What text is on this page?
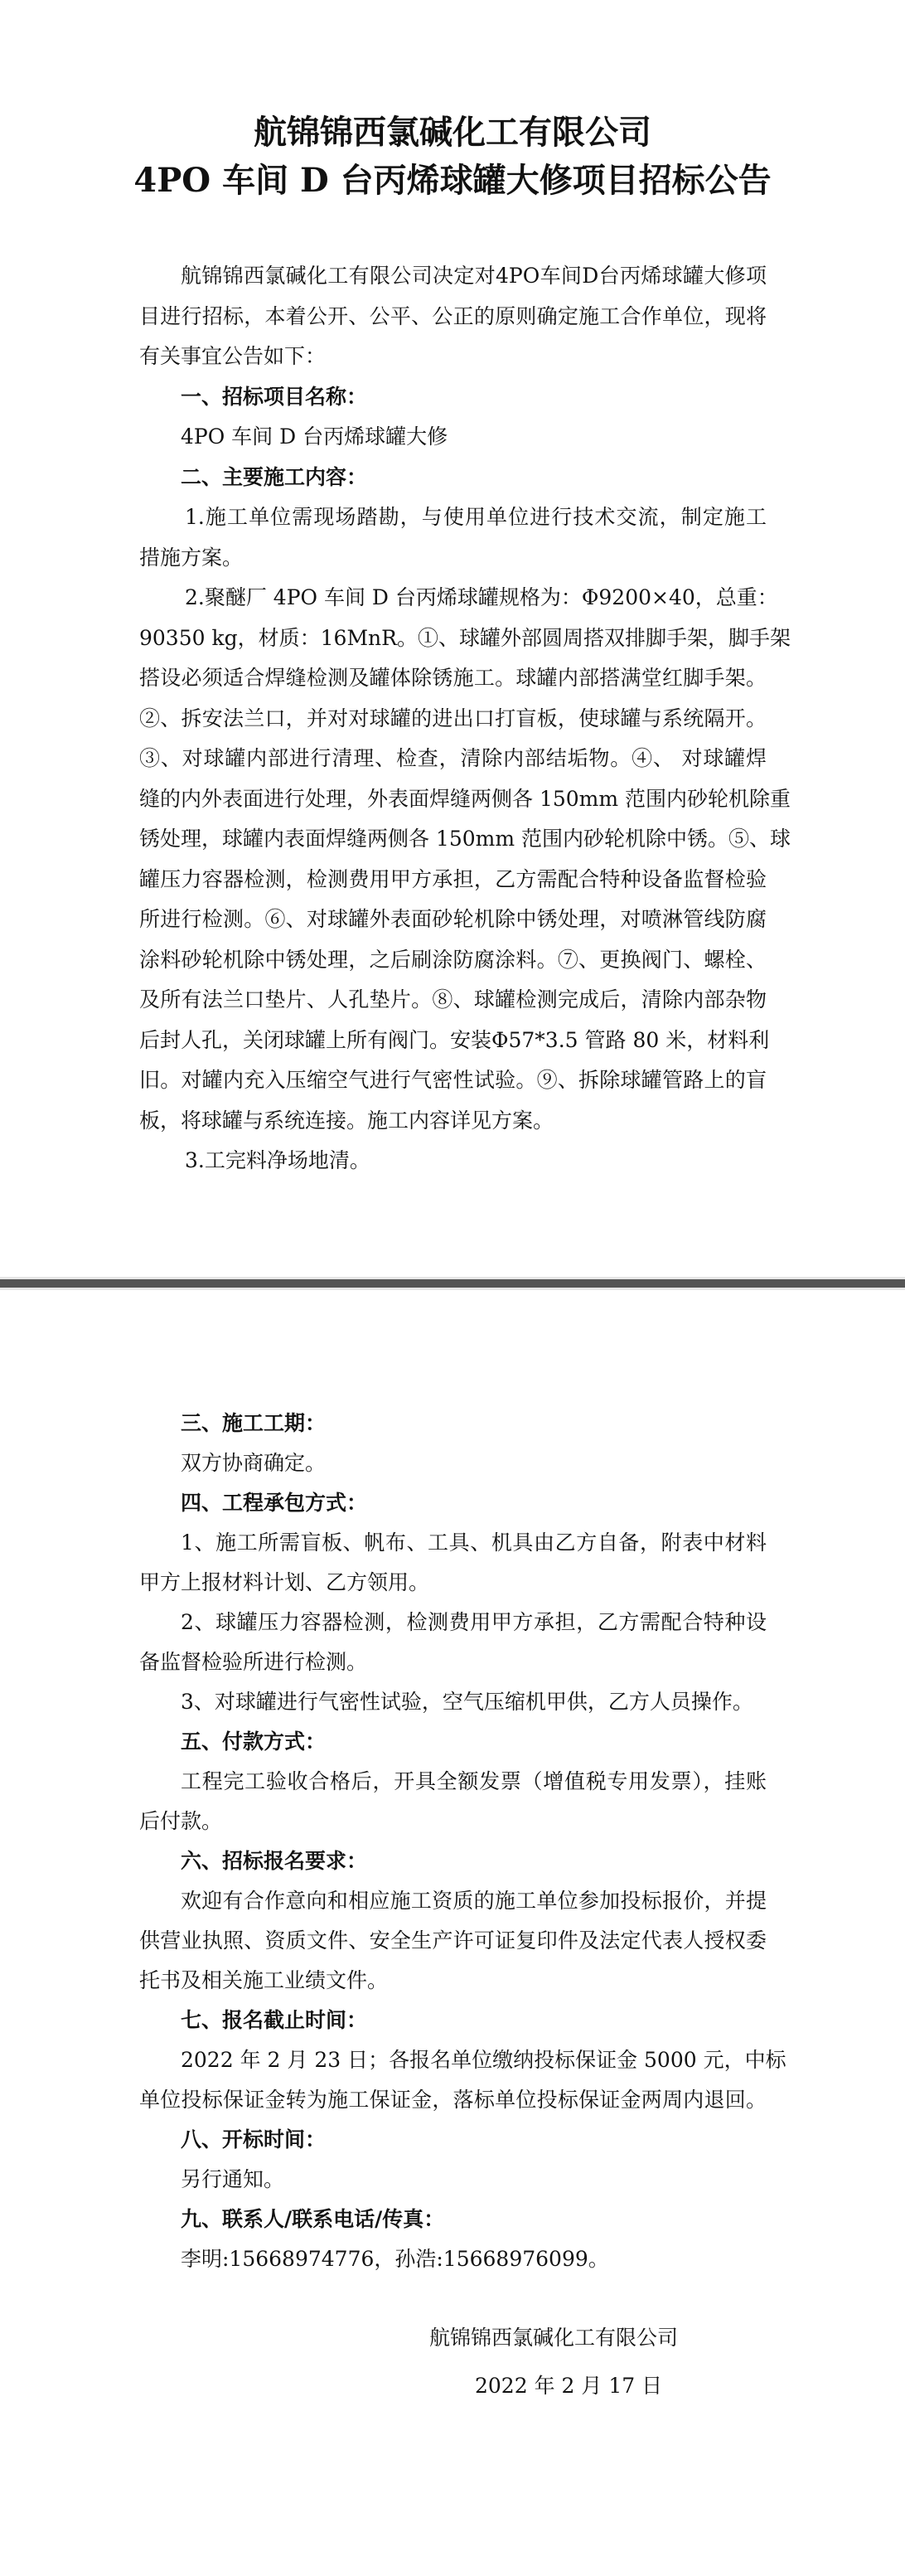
航锦锦西氯碱化工有限公司
4PO 车间 D 台丙烯球罐大修项目招标公告
航锦锦西氯碱化工有限公司决定对4PO车间D台丙烯球罐大修项
目进行招标，本着公开、公平、公正的原则确定施工合作单位，现将
有关事宜公告如下：
一、招标项目名称：
4PO 车间 D 台丙烯球罐大修
二、主要施工内容：
1.施工单位需现场踏勘，与使用单位进行技术交流，制定施工
措施方案。
2.聚醚厂 4PO 车间 D 台丙烯球罐规格为：Φ9200×40，总重：
90350 kg，材质：16MnR。①、球罐外部圆周搭双排脚手架，脚手架
搭设必须适合焊缝检测及罐体除锈施工。球罐内部搭满堂红脚手架。
②、拆安法兰口，并对对球罐的进出口打盲板，使球罐与系统隔开。
③、对球罐内部进行清理、检查，清除内部结垢物。④、 对球罐焊
缝的内外表面进行处理，外表面焊缝两侧各 150mm 范围内砂轮机除重
锈处理，球罐内表面焊缝两侧各 150mm 范围内砂轮机除中锈。⑤、球
罐压力容器检测，检测费用甲方承担，乙方需配合特种设备监督检验
所进行检测。⑥、对球罐外表面砂轮机除中锈处理，对喷淋管线防腐
涂料砂轮机除中锈处理，之后刷涂防腐涂料。⑦、更换阀门、螺栓、
及所有法兰口垫片、人孔垫片。⑧、球罐检测完成后，清除内部杂物
后封人孔，关闭球罐上所有阀门。安装Φ57*3.5 管路 80 米，材料利
旧。对罐内充入压缩空气进行气密性试验。⑨、拆除球罐管路上的盲
板，将球罐与系统连接。施工内容详见方案。
3.工完料净场地清。
三、施工工期：
双方协商确定。
四、工程承包方式：
1、施工所需盲板、帆布、工具、机具由乙方自备，附表中材料
甲方上报材料计划、乙方领用。
2、球罐压力容器检测，检测费用甲方承担，乙方需配合特种设
备监督检验所进行检测。
3、对球罐进行气密性试验，空气压缩机甲供，乙方人员操作。
五、付款方式：
工程完工验收合格后，开具全额发票（增值税专用发票），挂账
后付款。
六、招标报名要求：
欢迎有合作意向和相应施工资质的施工单位参加投标报价，并提
供营业执照、资质文件、安全生产许可证复印件及法定代表人授权委
托书及相关施工业绩文件。
七、报名截止时间：
2022 年 2 月 23 日；各报名单位缴纳投标保证金 5000 元，中标
单位投标保证金转为施工保证金，落标单位投标保证金两周内退回。
八、开标时间：
另行通知。
九、联系人/联系电话/传真：
李明:15668974776，孙浩:15668976099。
航锦锦西氯碱化工有限公司
2022 年 2 月 17 日
